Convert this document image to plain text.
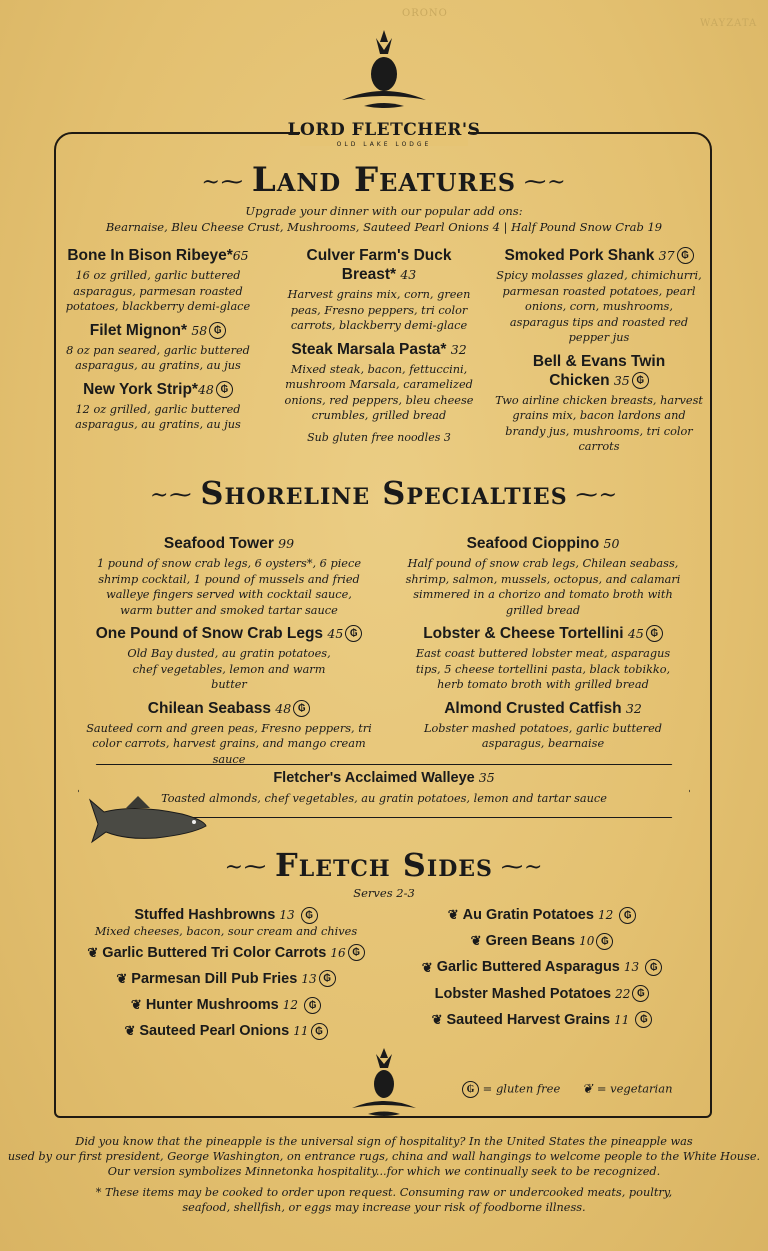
ORONO
WAYZATA
LORD FLETCHER'S
OLD LAKE LODGE
~⁓ Land Features ⁓~
Upgrade your dinner with our popular add ons:
Bearnaise, Bleu Cheese Crust, Mushrooms, Sauteed Pearl Onions 4 | Half Pound Snow Crab 19
Bone In Bison Ribeye*65
16 oz grilled, garlic buttered asparagus, parmesan roasted potatoes, blackberry demi-glace
Filet Mignon* 58 ₲
8 oz pan seared, garlic buttered asparagus, au gratins, au jus
New York Strip*48 ₲
12 oz grilled, garlic buttered asparagus, au gratins, au jus
Culver Farm's Duck Breast* 43
Harvest grains mix, corn, green peas, Fresno peppers, tri color carrots, blackberry demi-glace
Steak Marsala Pasta* 32
Mixed steak, bacon, fettuccini, mushroom Marsala, caramelized onions, red peppers, bleu cheese crumbles, grilled bread
Sub gluten free noodles 3
Smoked Pork Shank 37 ₲
Spicy molasses glazed, chimichurri, parmesan roasted potatoes, pearl onions, corn, mushrooms, asparagus tips and roasted red pepper jus
Bell & Evans Twin Chicken 35 ₲
Two airline chicken breasts, harvest grains mix, bacon lardons and brandy jus, mushrooms, tri color carrots
~⁓ Shoreline Specialties ⁓~
Seafood Tower 99
1 pound of snow crab legs, 6 oysters*, 6 piece shrimp cocktail, 1 pound of mussels and fried walleye fingers served with cocktail sauce, warm butter and smoked tartar sauce
One Pound of Snow Crab Legs 45 ₲
Old Bay dusted, au gratin potatoes, chef vegetables, lemon and warm butter
Chilean Seabass 48 ₲
Sauteed corn and green peas, Fresno peppers, tri color carrots, harvest grains, and mango cream sauce
Seafood Cioppino 50
Half pound of snow crab legs, Chilean seabass, shrimp, salmon, mussels, octopus, and calamari simmered in a chorizo and tomato broth with grilled bread
Lobster & Cheese Tortellini 45 ₲
East coast buttered lobster meat, asparagus tips, 5 cheese tortellini pasta, black tobikko, herb tomato broth with grilled bread
Almond Crusted Catfish 32
Lobster mashed potatoes, garlic buttered asparagus, bearnaise
Fletcher's Acclaimed Walleye 35
Toasted almonds, chef vegetables, au gratin potatoes, lemon and tartar sauce
~⁓ Fletch Sides ⁓~
Serves 2-3
Stuffed Hashbrowns 13 ₲
Mixed cheeses, bacon, sour cream and chives
❦ Garlic Buttered Tri Color Carrots 16 ₲
❦ Parmesan Dill Pub Fries 13 ₲
❦ Hunter Mushrooms 12 ₲
❦ Sauteed Pearl Onions 11 ₲
❦ Au Gratin Potatoes 12 ₲
❦ Green Beans 10 ₲
❦ Garlic Buttered Asparagus 13 ₲
Lobster Mashed Potatoes 22 ₲
❦ Sauteed Harvest Grains 11 ₲
₲ = gluten free ❦ = vegetarian
Did you know that the pineapple is the universal sign of hospitality? In the United States the pineapple was
used by our first president, George Washington, on entrance rugs, china and wall hangings to welcome people to the White House.
Our version symbolizes Minnetonka hospitality...for which we continually seek to be recognized.
* These items may be cooked to order upon request. Consuming raw or undercooked meats, poultry,
seafood, shellfish, or eggs may increase your risk of foodborne illness.
